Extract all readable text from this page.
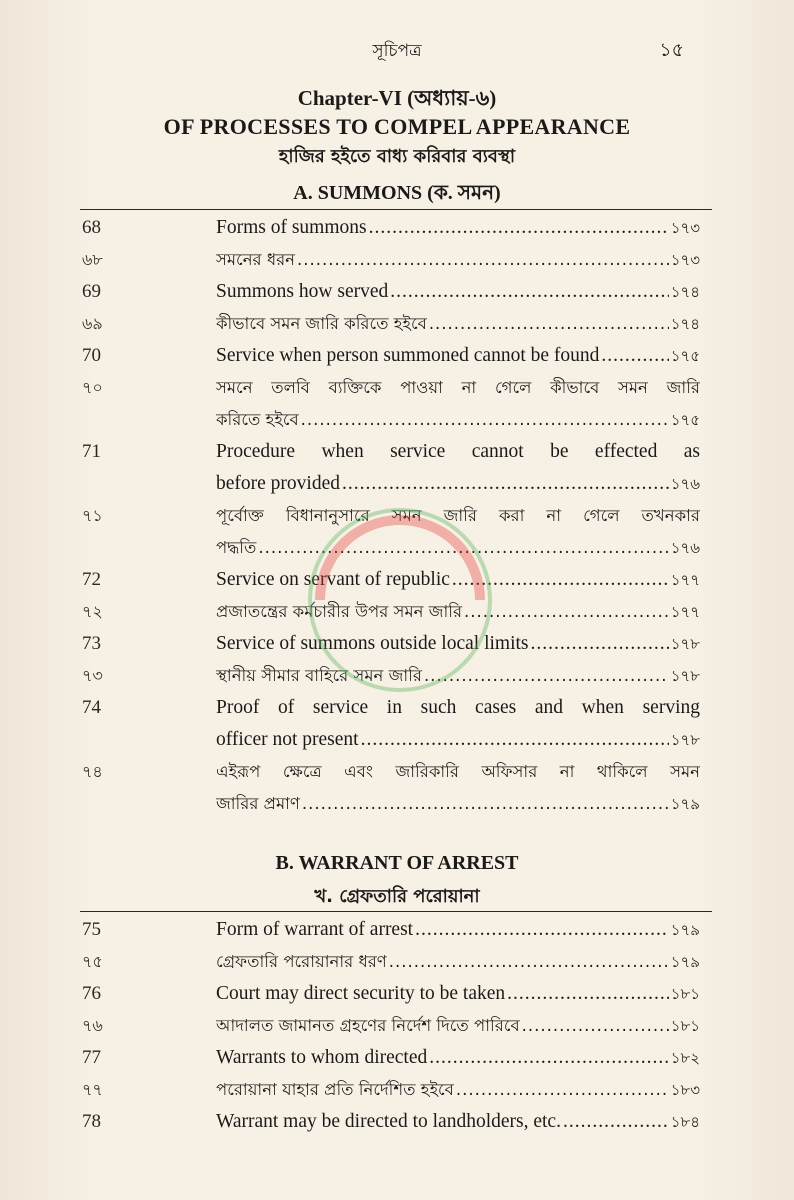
সূচিপত্র	১৫
Chapter-VI (অধ্যায়-৬)
OF PROCESSES TO COMPEL APPEARANCE
হাজির হইতে বাধ্য করিবার ব্যবস্থা
A. SUMMONS (ক. সমন)
68	Forms of summons .....	১৭৩
৬৮	সমনের ধরন .....	১৭৩
69	Summons how served .....	১৭৪
৬৯	কীভাবে সমন জারি করিতে হইবে .....	১৭৪
70	Service when person summoned cannot be found .....	১৭৫
৭০	সমনে তলবি ব্যক্তিকে পাওয়া না গেলে কীভাবে সমন জারি
করিতে হইবে .....	১৭৫
71	Procedure when service cannot be effected as
before provided .....	১৭৬
৭১	পূর্বোক্ত বিধানানুসারে সমন জারি করা না গেলে তখনকার
পদ্ধতি .....	১৭৬
72	Service on servant of republic .....	১৭৭
৭২	প্রজাতন্ত্রের কর্মচারীর উপর সমন জারি .....	১৭৭
73	Service of summons outside local limits .....	১৭৮
৭৩	স্থানীয় সীমার বাহিরে সমন জারি .....	১৭৮
74	Proof of service in such cases and when serving
officer not present .....	১৭৮
৭৪	এইরূপ ক্ষেত্রে এবং জারিকারি অফিসার না থাকিলে সমন
জারির প্রমাণ .....	১৭৯
B. WARRANT OF ARREST
খ. গ্রেফতারি পরোয়ানা
75	Form of warrant of arrest .....	১৭৯
৭৫	গ্রেফতারি পরোয়ানার ধরণ .....	১৭৯
76	Court may direct security to be taken .....	১৮১
৭৬	আদালত জামানত গ্রহণের নির্দেশ দিতে পারিবে .....	১৮১
77	Warrants to whom directed .....	১৮২
৭৭	পরোয়ানা যাহার প্রতি নির্দেশিত হইবে .....	১৮৩
78	Warrant may be directed to landholders, etc. .....	১৮৪
